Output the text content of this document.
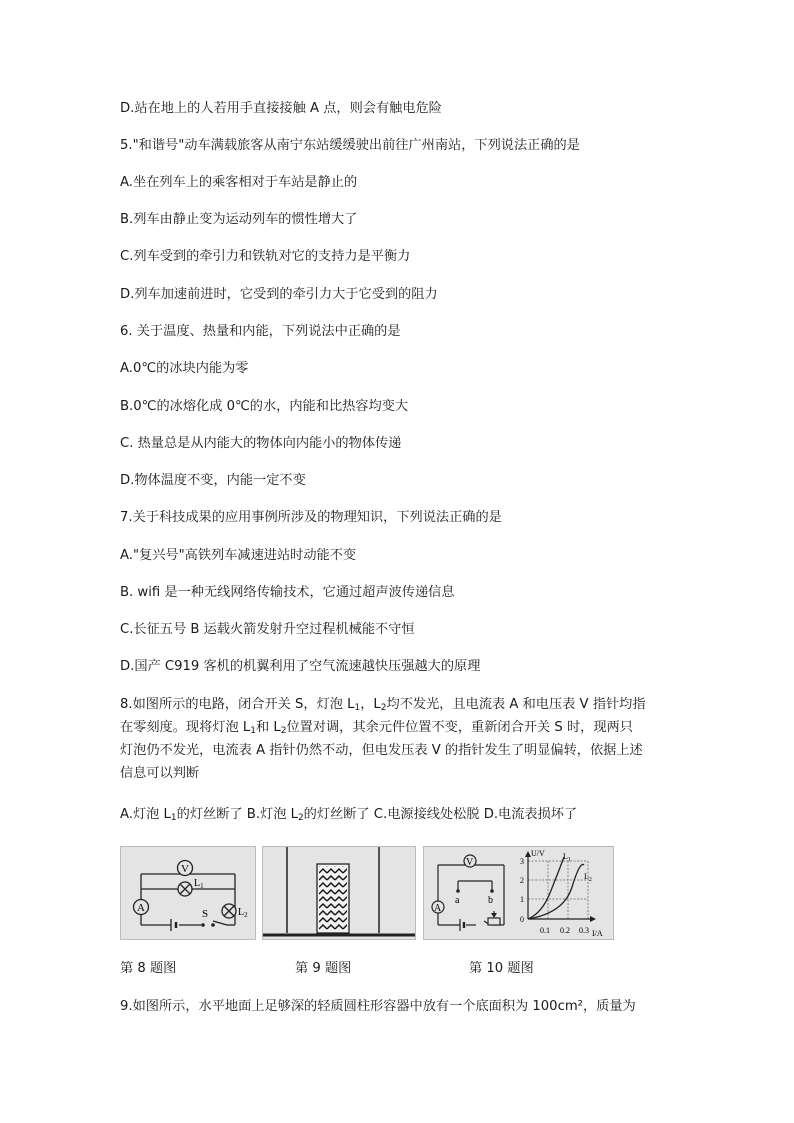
D.站在地上的人若用手直接接触 A 点，则会有触电危险
5."和谐号"动车满载旅客从南宁东站缓缓驶出前往广州南站，下列说法正确的是
A.坐在列车上的乘客相对于车站是静止的
B.列车由静止变为运动列车的惯性增大了
C.列车受到的牵引力和铁轨对它的支持力是平衡力
D.列车加速前进时，它受到的牵引力大于它受到的阻力
6. 关于温度、热量和内能，下列说法中正确的是
A.0℃的冰块内能为零
B.0℃的冰熔化成 0℃的水，内能和比热容均变大
C. 热量总是从内能大的物体向内能小的物体传递
D.物体温度不变，内能一定不变
7.关于科技成果的应用事例所涉及的物理知识，下列说法正确的是
A."复兴号"高铁列车减速进站时动能不变
B. wifi 是一种无线网络传输技术，它通过超声波传递信息
C.长征五号 B 运载火箭发射升空过程机械能不守恒
D.国产 C919 客机的机翼利用了空气流速越快压强越大的原理
8.如图所示的电路，闭合开关 S，灯泡 $L_1$，$L_2$均不发光，且电流表 A 和电压表 V 指针均指
在零刻度。现将灯泡 $L_1$和 $L_2$位置对调，其余元件位置不变，重新闭合开关 S 时，现两只
灯泡仍不发光，电流表 A 指针仍然不动，但电发压表 V 的指针发生了明显偏转，依据上述
信息可以判断
A.灯泡 $L_1$的灯丝断了 B.灯泡 $L_2$的灯丝断了 C.电源接线处松脱 D.电流表损坏了
V
$L_1$
A	S	$L_2$
V
A
a	b
U/V
I/A
3
2
1
0
0.1 0.2 0.3
$L_1$
$L_2$
第 8 题图	第 9 题图	第 10 题图
9.如图所示，水平地面上足够深的轻质圆柱形容器中放有一个底面积为 100cm²，质量为
